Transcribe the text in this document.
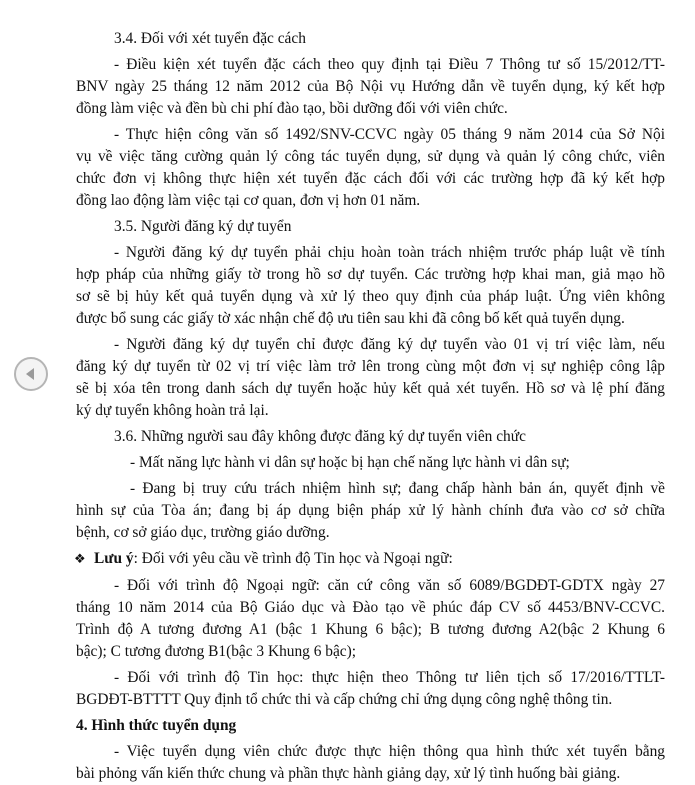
3.4. Đối với xét tuyển đặc cách
- Điều kiện xét tuyển đặc cách theo quy định tại Điều 7 Thông tư số 15/2012/TT-
BNV ngày 25 tháng 12 năm 2012 của Bộ Nội vụ Hướng dẫn về tuyển dụng, ký kết hợp
đồng làm việc và đền bù chi phí đào tạo, bồi dưỡng đối với viên chức.
- Thực hiện công văn số 1492/SNV-CCVC ngày 05 tháng 9 năm 2014 của Sở Nội
vụ về việc tăng cường quản lý công tác tuyển dụng, sử dụng và quản lý công chức, viên
chức đơn vị không thực hiện xét tuyển đặc cách đối với các trường hợp đã ký kết hợp
đồng lao động làm việc tại cơ quan, đơn vị hơn 01 năm.
3.5. Người đăng ký dự tuyển
- Người đăng ký dự tuyển phải chịu hoàn toàn trách nhiệm trước pháp luật về tính
hợp pháp của những giấy tờ trong hồ sơ dự tuyển. Các trường hợp khai man, giả mạo hồ
sơ sẽ bị hủy kết quả tuyển dụng và xử lý theo quy định của pháp luật. Ứng viên không
được bổ sung các giấy tờ xác nhận chế độ ưu tiên sau khi đã công bố kết quả tuyển dụng.
- Người đăng ký dự tuyển chỉ được đăng ký dự tuyển vào 01 vị trí việc làm, nếu
đăng ký dự tuyển từ 02 vị trí việc làm trở lên trong cùng một đơn vị sự nghiệp công lập
sẽ bị xóa tên trong danh sách dự tuyển hoặc hủy kết quả xét tuyển. Hồ sơ và lệ phí đăng
ký dự tuyển không hoàn trả lại.
3.6. Những người sau đây không được đăng ký dự tuyển viên chức
- Mất năng lực hành vi dân sự hoặc bị hạn chế năng lực hành vi dân sự;
- Đang bị truy cứu trách nhiệm hình sự; đang chấp hành bản án, quyết định về
hình sự của Tòa án; đang bị áp dụng biện pháp xử lý hành chính đưa vào cơ sở chữa
bệnh, cơ sở giáo dục, trường giáo dưỡng.
❖ Lưu ý: Đối với yêu cầu về trình độ Tin học và Ngoại ngữ:
- Đối với trình độ Ngoại ngữ: căn cứ công văn số 6089/BGDĐT-GDTX ngày 27
tháng 10 năm 2014 của Bộ Giáo dục và Đào tạo về phúc đáp CV số 4453/BNV-CCVC.
Trình độ A tương đương A1 (bậc 1 Khung 6 bậc); B tương đương A2(bậc 2 Khung 6
bậc); C tương đương B1(bậc 3 Khung 6 bậc);
- Đối với trình độ Tin học: thực hiện theo Thông tư liên tịch số 17/2016/TTLT-
BGDĐT-BTTTT Quy định tổ chức thi và cấp chứng chỉ ứng dụng công nghệ thông tin.
4. Hình thức tuyển dụng
- Việc tuyển dụng viên chức được thực hiện thông qua hình thức xét tuyển bằng
bài phỏng vấn kiến thức chung và phần thực hành giảng dạy, xử lý tình huống bài giảng.
